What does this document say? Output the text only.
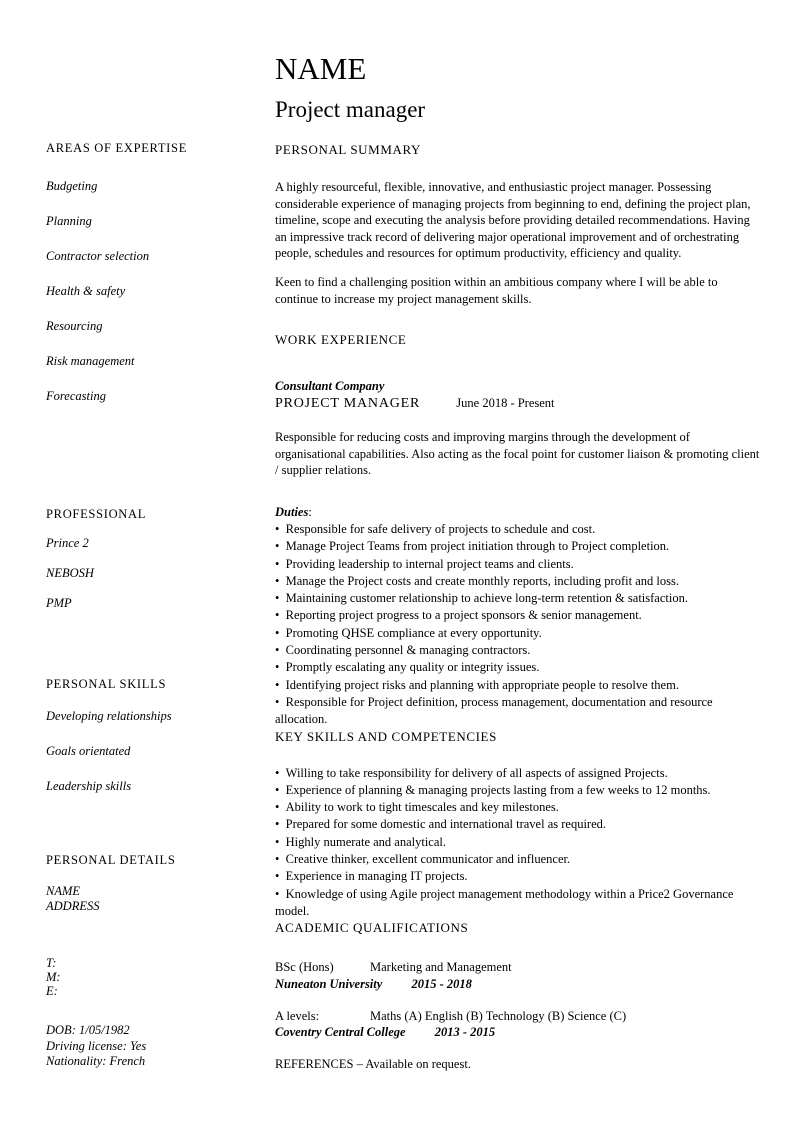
AREAS OF EXPERTISE
Budgeting
Planning
Contractor selection
Health & safety
Resourcing
Risk management
Forecasting
PROFESSIONAL
Prince 2
NEBOSH
PMP
PERSONAL SKILLS
Developing relationships
Goals orientated
Leadership skills
PERSONAL DETAILS
NAME
ADDRESS
T:
M:
E:
DOB: 1/05/1982
Driving license: Yes
Nationality: French
NAME
Project manager
PERSONAL SUMMARY

A highly resourceful, flexible, innovative, and enthusiastic project manager. Possessing considerable experience of managing projects from beginning to end, defining the project plan, timeline, scope and executing the analysis before providing detailed recommendations. Having an impressive track record of delivering major operational improvement and of orchestrating people, schedules and resources for optimum productivity, efficiency and quality.

Keen to find a challenging position within an ambitious company where I will be able to continue to increase my project management skills.

WORK EXPERIENCE

Consultant Company

PROJECT MANAGER	June 2018 - Present

Responsible for reducing costs and improving margins through the development of organisational capabilities. Also acting as the focal point for customer liaison & promoting client / supplier relations.

Duties:

•  Responsible for safe delivery of projects to schedule and cost.
•  Manage Project Teams from project initiation through to Project completion.
•  Providing leadership to internal project teams and clients.
•  Manage the Project costs and create monthly reports, including profit and loss.
•  Maintaining customer relationship to achieve long-term retention & satisfaction.
•  Reporting project progress to a project sponsors & senior management.
•  Promoting QHSE compliance at every opportunity.
•  Coordinating personnel & managing contractors.
•  Promptly escalating any quality or integrity issues.
•  Identifying project risks and planning with appropriate people to resolve them.
•  Responsible for Project definition, process management, documentation and resource allocation.
KEY SKILLS AND COMPETENCIES
•  Willing to take responsibility for delivery of all aspects of assigned Projects.
•  Experience of planning & managing projects lasting from a few weeks to 12 months.
•  Ability to work to tight timescales and key milestones.
•  Prepared for some domestic and international travel as required.
•  Highly numerate and analytical.
•  Creative thinker, excellent communicator and influencer.
•  Experience in managing IT projects.
•  Knowledge of using Agile project management methodology within a Price2 Governance model.
ACADEMIC QUALIFICATIONS

BSc (Hons)	Marketing and Management

Nuneaton University 2015 - 2018

A levels:	Maths (A) English (B) Technology (B) Science (C)

Coventry Central College 2013 - 2015

REFERENCES – Available on request.
